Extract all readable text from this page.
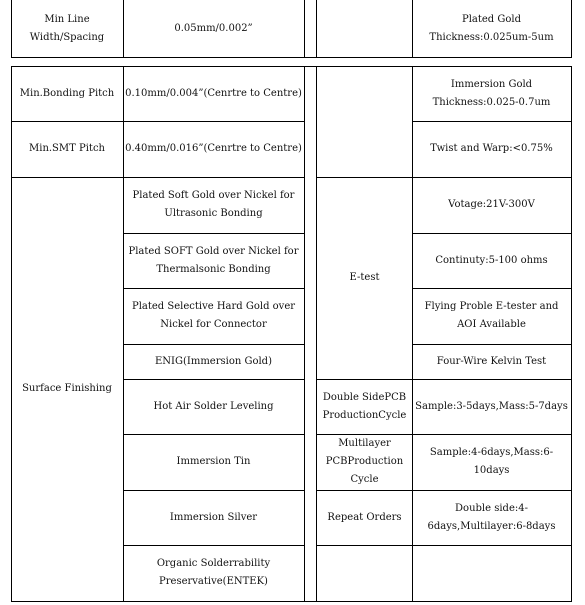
Min Line Width/Spacing
0.05mm/0.002”
Plated Gold Thickness:0.025um-5um
Min.Bonding Pitch	0.10mm/0.004”(Cenrtre to Centre)
Min.SMT Pitch	0.40mm/0.016”(Cenrtre to Centre)
Surface Finishing
Plated Soft Gold over Nickel for Ultrasonic Bonding
Plated SOFT Gold over Nickel for Thermalsonic Bonding
Plated Selective Hard Gold over Nickel for Connector
ENIG(Immersion Gold)
Hot Air Solder Leveling
Immersion Tin
Immersion Silver
Organic Solderrability Preservative(ENTEK)
Immersion Gold Thickness:0.025-0.7um
Twist and Warp:<0.75%
E-test
Votage:21V-300V
Continuty:5-100 ohms
Flying Proble E-tester and AOI Available
Four-Wire Kelvin Test
Double SidePCB ProductionCycle
Sample:3-5days,Mass:5-7days
Multilayer PCBProduction Cycle
Sample:4-6days,Mass:6-10days
Repeat Orders
Double side:4-6days,Multilayer:6-8days
